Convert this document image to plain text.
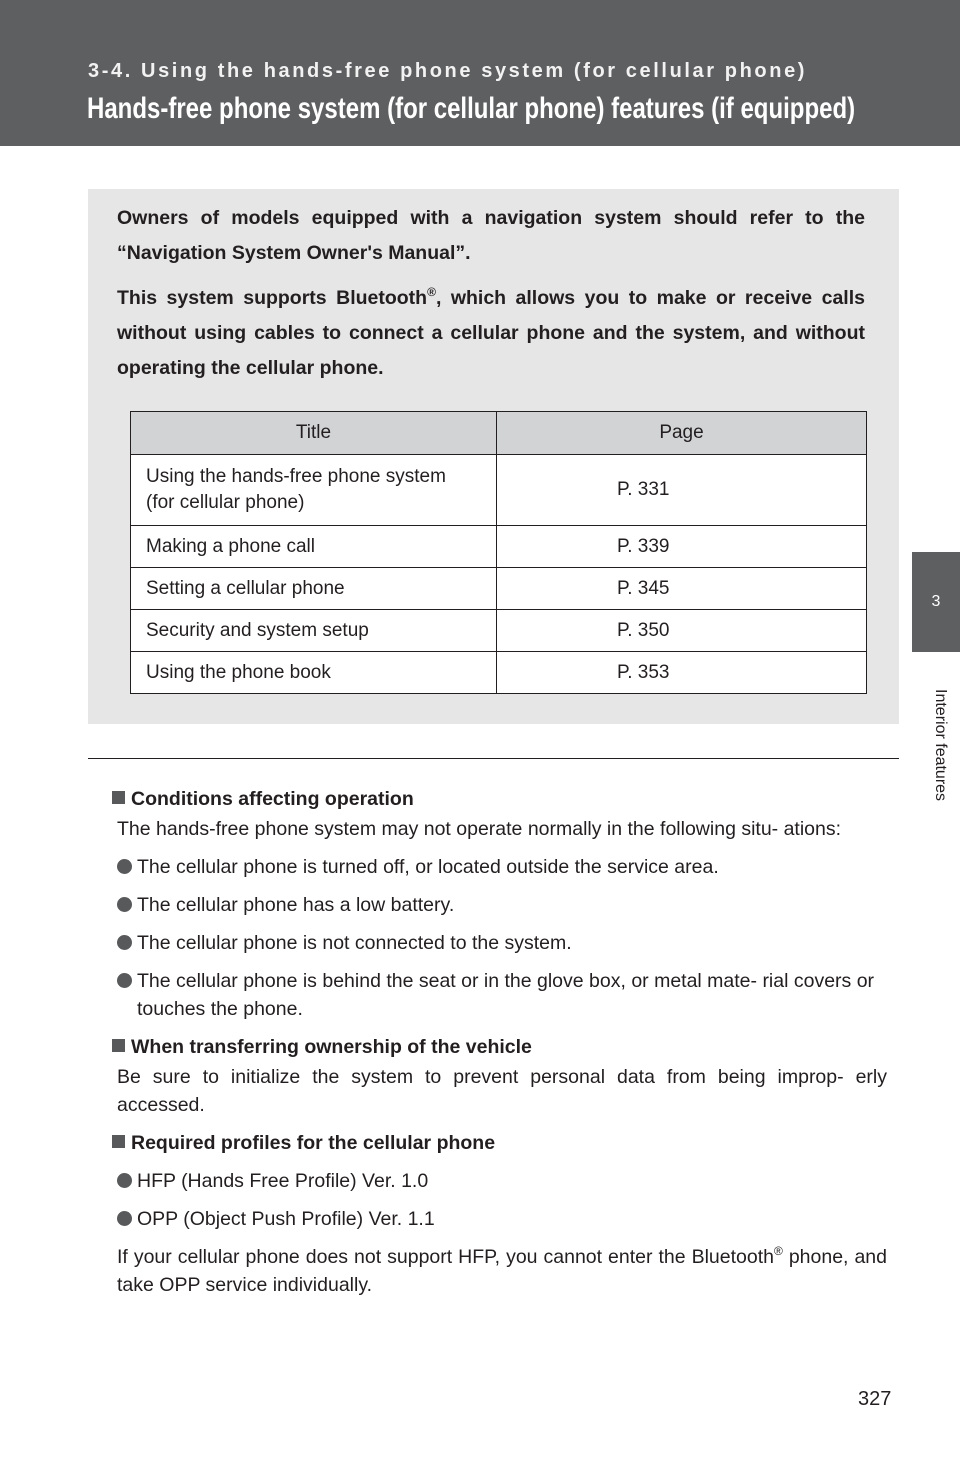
3-4. Using the hands-free phone system (for cellular phone)
Hands-free phone system (for cellular phone) features (if equipped)
3
Interior features

Owners of models equipped with a navigation system should refer to the “Navigation System Owner's Manual”.

This system supports Bluetooth®, which allows you to make or receive calls without using cables to connect a cellular phone and the system, and without operating the cellular phone.

Title	Page
Using the hands-free phone system
(for cellular phone)	P. 331
Making a phone call	P. 339
Setting a cellular phone	P. 345
Security and system setup	P. 350
Using the phone book	P. 353
Conditions affecting operation
The hands-free phone system may not operate normally in the following situ- ations:
The cellular phone is turned off, or located outside the service area.
The cellular phone has a low battery.
The cellular phone is not connected to the system.
The cellular phone is behind the seat or in the glove box, or metal mate- rial covers or touches the phone.
When transferring ownership of the vehicle
Be sure to initialize the system to prevent personal data from being improp- erly accessed.
Required profiles for the cellular phone
HFP (Hands Free Profile) Ver. 1.0
OPP (Object Push Profile) Ver. 1.1
If your cellular phone does not support HFP, you cannot enter the Bluetooth® phone, and take OPP service individually.
327
